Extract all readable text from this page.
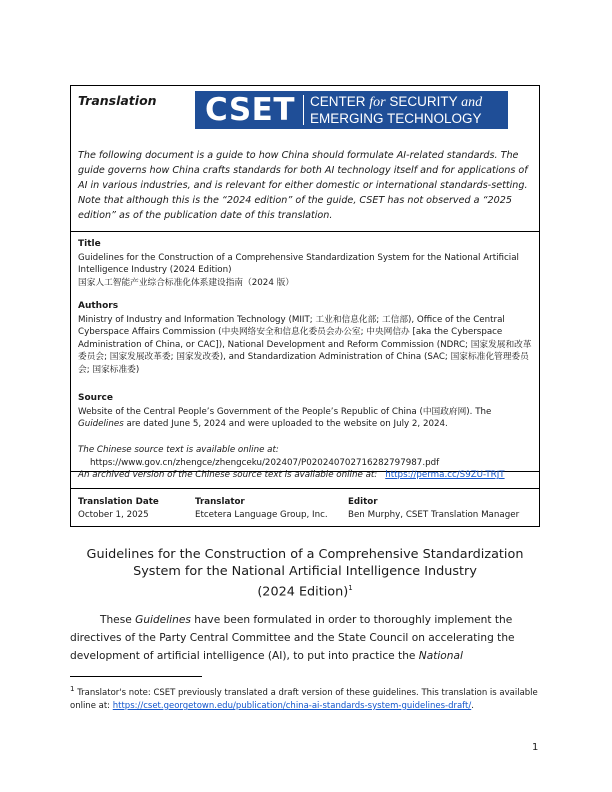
Translation CSET CENTER for SECURITY and
EMERGING TECHNOLOGY
The following document is a guide to how China should formulate AI-related standards. The guide governs how China crafts standards for both AI technology itself and for applications of AI in various industries, and is relevant for either domestic or international standards-setting. Note that although this is the “2024 edition” of the guide, CSET has not observed a “2025 edition” as of the publication date of this translation.
Title
Guidelines for the Construction of a Comprehensive Standardization System for the National Artificial Intelligence Industry (2024 Edition)
国家人工智能产业综合标准化体系建设指南（2024 版）
Authors
Ministry of Industry and Information Technology (MIIT; 工业和信息化部; 工信部), Office of the Central Cyberspace Affairs Commission (中央网络安全和信息化委员会办公室; 中央网信办 [aka the Cyberspace Administration of China, or CAC]), National Development and Reform Commission (NDRC; 国家发展和改革委员会; 国家发展改革委; 国家发改委), and Standardization Administration of China (SAC; 国家标准化管理委员会; 国家标准委)
Source
Website of the Central People’s Government of the People’s Republic of China (中国政府网). The Guidelines are dated June 5, 2024 and were uploaded to the website on July 2, 2024.
The Chinese source text is available online at:
https://www.gov.cn/zhengce/zhengceku/202407/P020240702716282797987.pdf
An archived version of the Chinese source text is available online at: https://perma.cc/S9ZU-TRJT
Translation Date
October 1, 2025
Translator
Etcetera Language Group, Inc.
Editor
Ben Murphy, CSET Translation Manager
Guidelines for the Construction of a Comprehensive Standardization
System for the National Artificial Intelligence Industry
(2024 Edition)$^1$
These Guidelines have been formulated in order to thoroughly implement the directives of the Party Central Committee and the State Council on accelerating the development of artificial intelligence (AI), to put into practice the National
$^1$ Translator's note: CSET previously translated a draft version of these guidelines. This translation is available online at: https://cset.georgetown.edu/publication/china-ai-standards-system-guidelines-draft/.
1
